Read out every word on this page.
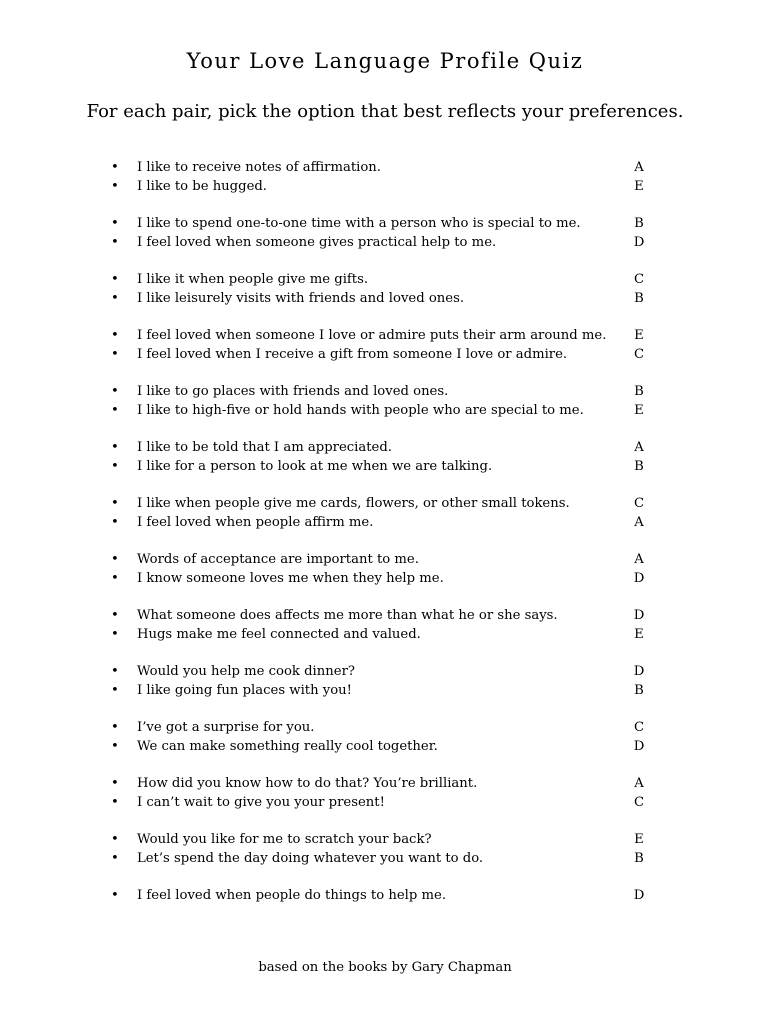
Your Love Language Profile Quiz
For each pair, pick the option that best reflects your preferences.
•	I like to receive notes of affirmation.	A
•	I like to be hugged.	E
•	I like to spend one-to-one time with a person who is special to me.	B
•	I feel loved when someone gives practical help to me.	D
•	I like it when people give me gifts.	C
•	I like leisurely visits with friends and loved ones.	B
•	I feel loved when someone I love or admire puts their arm around me. E
•	I feel loved when I receive a gift from someone I love or admire.	C
•	I like to go places with friends and loved ones.	B
•	I like to high-five or hold hands with people who are special to me.	E
•	I like to be told that I am appreciated.	A
•	I like for a person to look at me when we are talking.	B
•	I like when people give me cards, flowers, or other small tokens.	C
•	I feel loved when people affirm me.	A
•	Words of acceptance are important to me.	A
•	I know someone loves me when they help me.	D
•	What someone does affects me more than what he or she says.	D
•	Hugs make me feel connected and valued.	E
•	Would you help me cook dinner?	D
•	I like going fun places with you!	B
•	I’ve got a surprise for you.	C
•	We can make something really cool together.	D
•	How did you know how to do that? You’re brilliant.	A
•	I can’t wait to give you your present!	C
•	Would you like for me to scratch your back?	E
•	Let’s spend the day doing whatever you want to do.	B
•	I feel loved when people do things to help me.	D
based on the books by Gary Chapman
